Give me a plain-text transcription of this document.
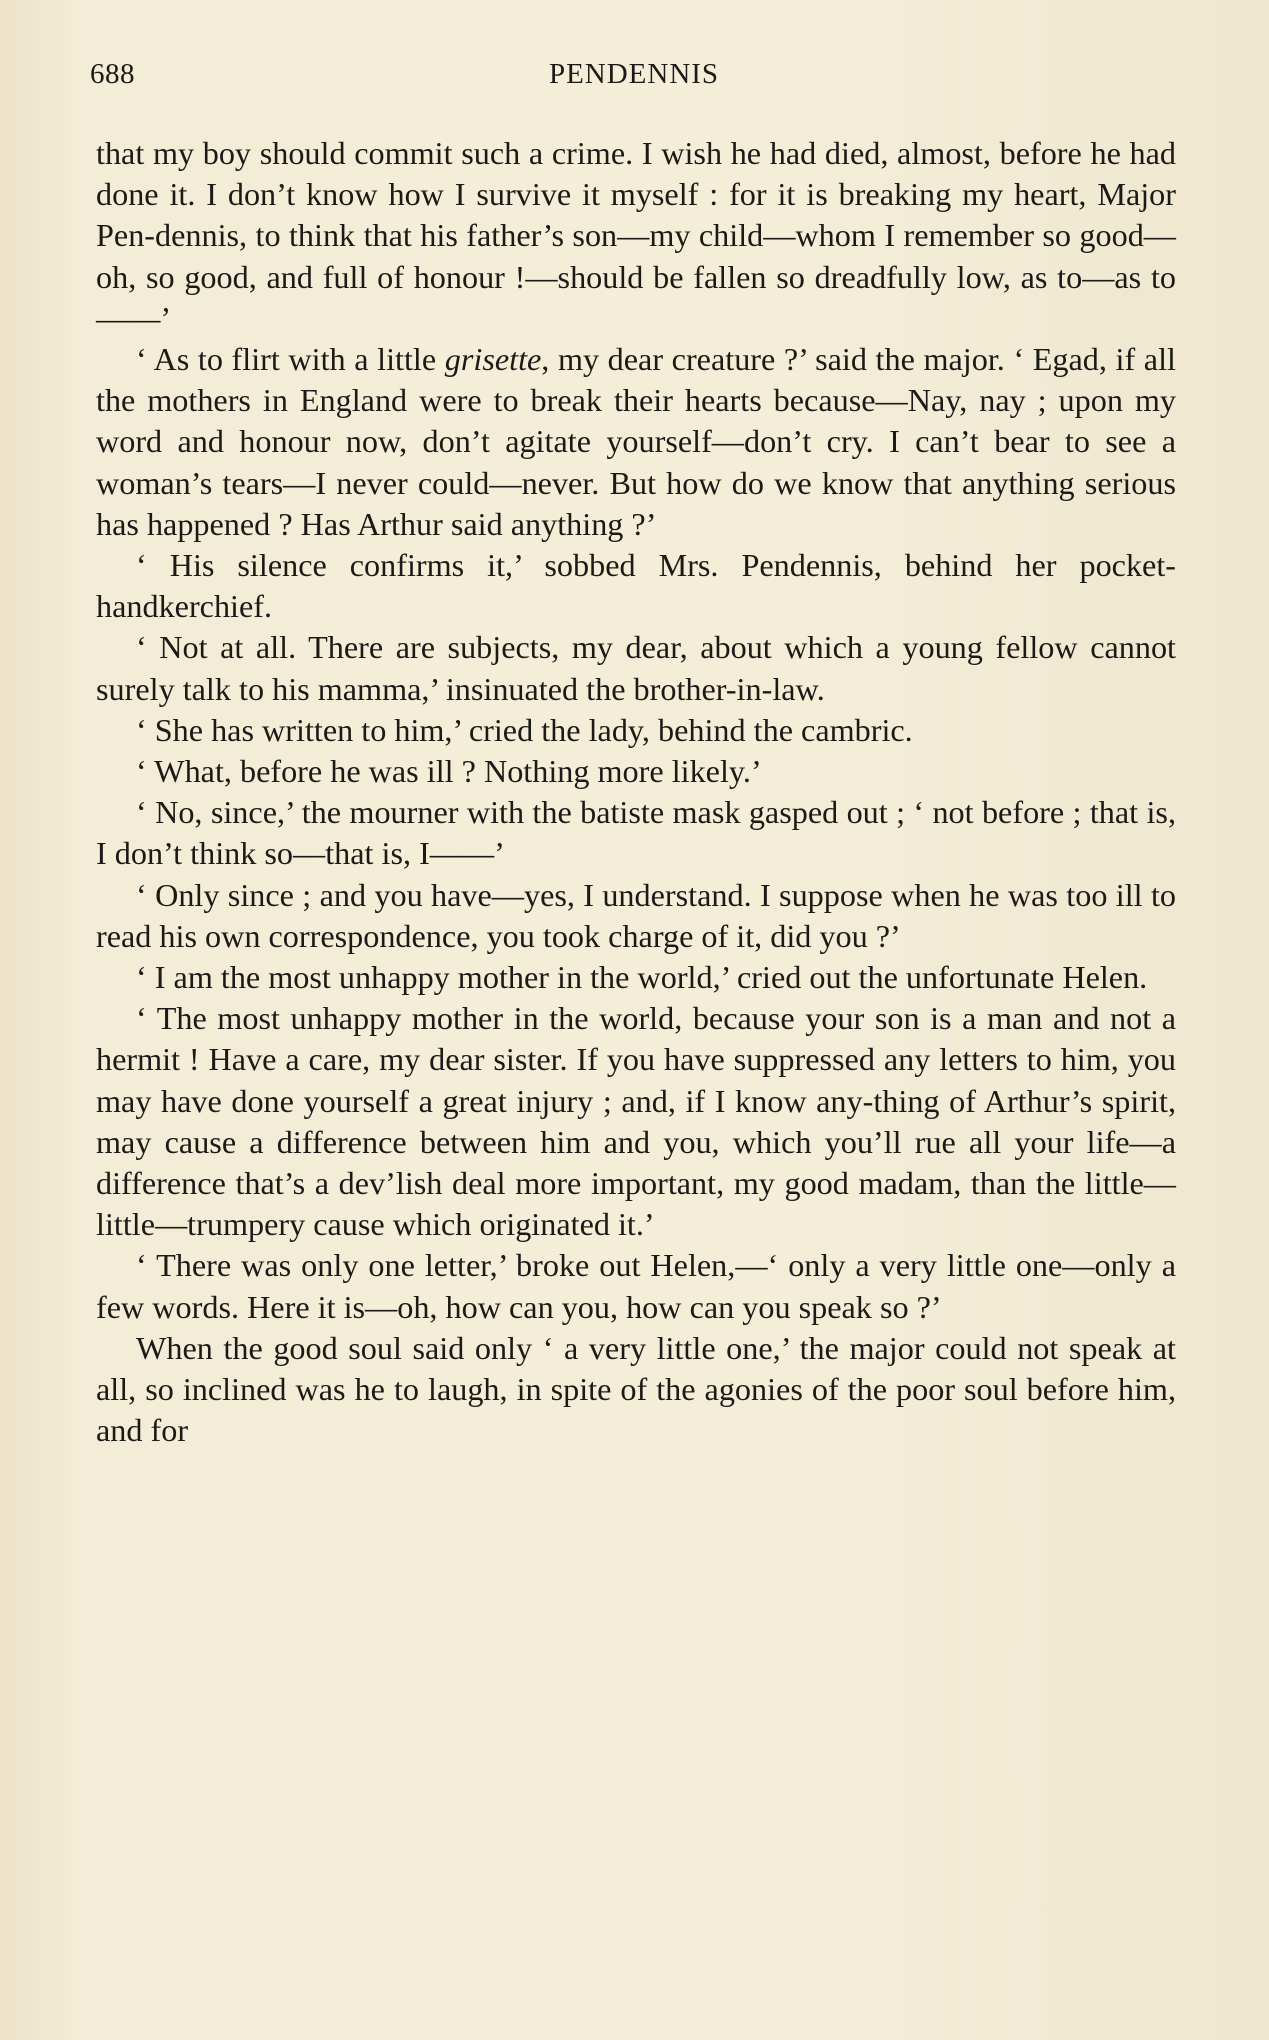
688	PENDENNIS

that my boy should commit such a crime. I wish he had died, almost, before he had done it. I don’t know how I survive it myself : for it is breaking my heart, Major Pen-dennis, to think that his father’s son—my child—whom I remember so good—oh, so good, and full of honour !—should be fallen so dreadfully low, as to—as to——’

‘ As to flirt with a little grisette, my dear creature ?’ said the major. ‘ Egad, if all the mothers in England were to break their hearts because—Nay, nay ; upon my word and honour now, don’t agitate yourself—don’t cry. I can’t bear to see a woman’s tears—I never could—never. But how do we know that anything serious has happened ? Has Arthur said anything ?’

‘ His silence confirms it,’ sobbed Mrs. Pendennis, behind her pocket-handkerchief.

‘ Not at all. There are subjects, my dear, about which a young fellow cannot surely talk to his mamma,’ insinuated the brother-in-law.

‘ She has written to him,’ cried the lady, behind the cambric.

‘ What, before he was ill ? Nothing more likely.’

‘ No, since,’ the mourner with the batiste mask gasped out ; ‘ not before ; that is, I don’t think so—that is, I——’

‘ Only since ; and you have—yes, I understand. I suppose when he was too ill to read his own correspondence, you took charge of it, did you ?’

‘ I am the most unhappy mother in the world,’ cried out the unfortunate Helen.

‘ The most unhappy mother in the world, because your son is a man and not a hermit ! Have a care, my dear sister. If you have suppressed any letters to him, you may have done yourself a great injury ; and, if I know any-thing of Arthur’s spirit, may cause a difference between him and you, which you’ll rue all your life—a difference that’s a dev’lish deal more important, my good madam, than the little—little—trumpery cause which originated it.’

‘ There was only one letter,’ broke out Helen,—‘ only a very little one—only a few words. Here it is—oh, how can you, how can you speak so ?’

When the good soul said only ‘ a very little one,’ the major could not speak at all, so inclined was he to laugh, in spite of the agonies of the poor soul before him, and for
